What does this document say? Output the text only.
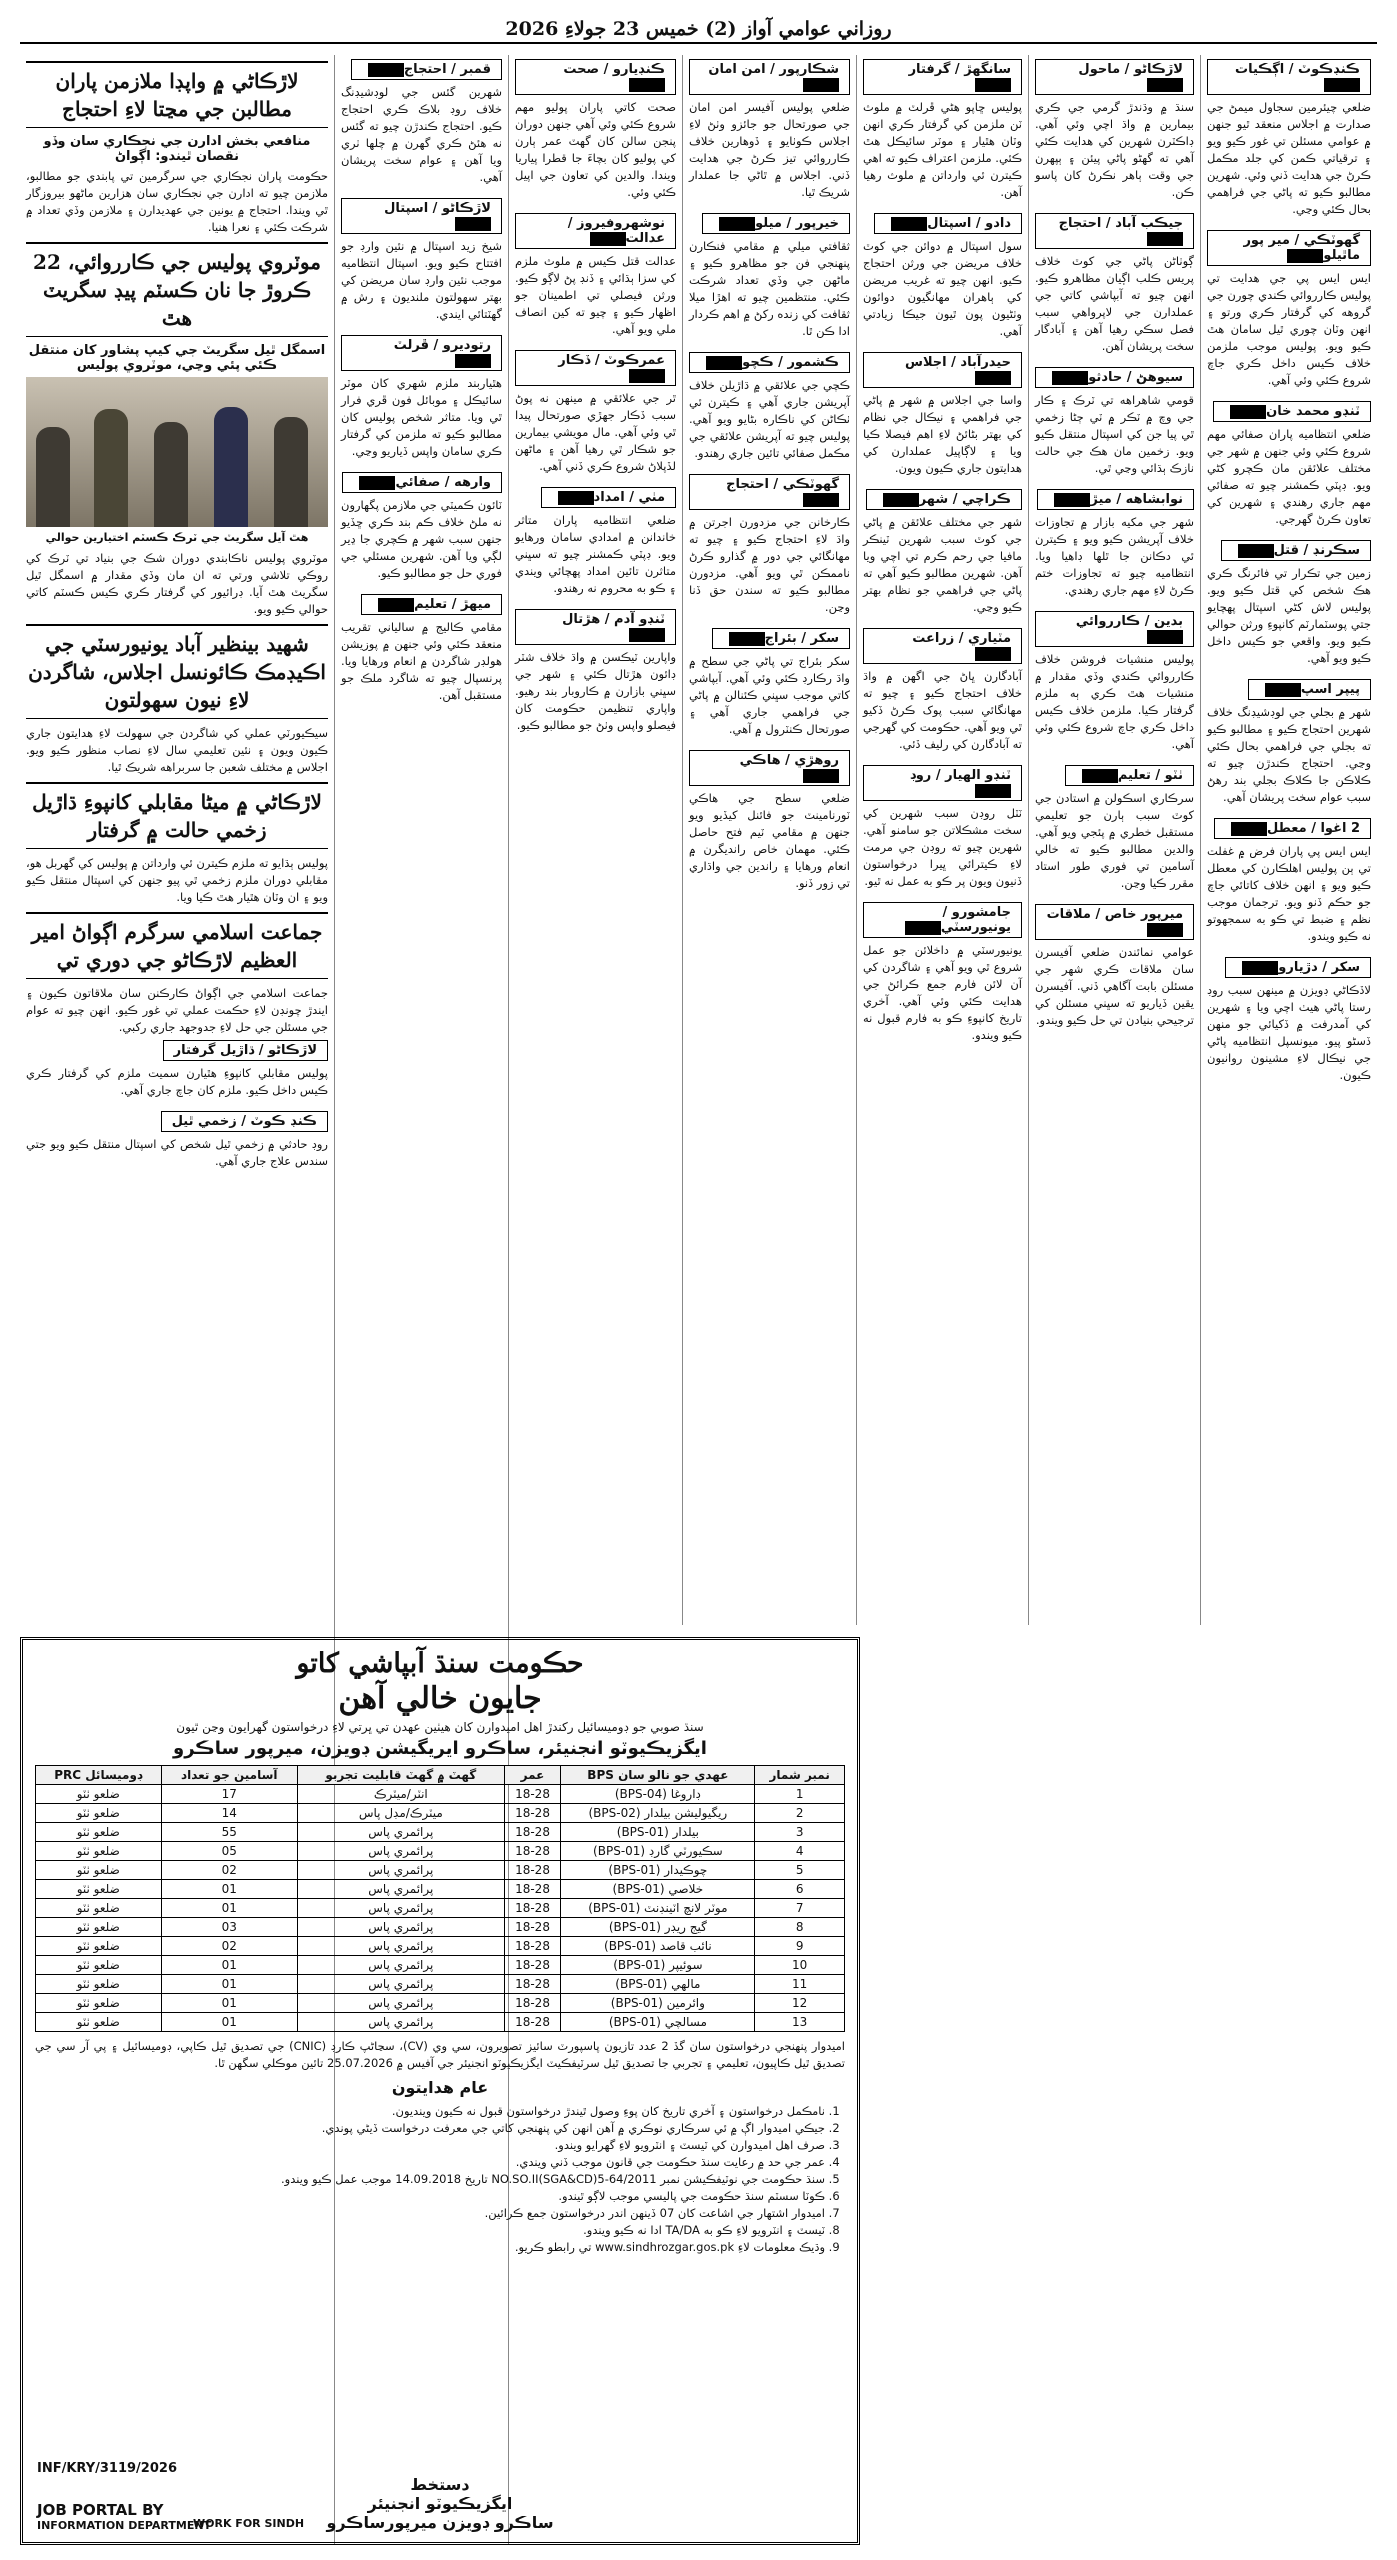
روزاني عوامي آواز (2) خميس 23 جولاءِ 2026
ڪنڊڪوٽ / اڳڪيات
ضلعي چيئرمين سجاول ميمڻ جي صدارت ۾ اجلاس منعقد ٿيو جنهن ۾ عوامي مسئلن تي غور ڪيو ويو ۽ ترقياتي ڪمن کي جلد مڪمل ڪرڻ جي هدايت ڏني وئي. شهرين مطالبو ڪيو ته پاڻي جي فراهمي بحال ڪئي وڃي.
گهوٽڪي / مير پور ماٿيلو
ايس ايس پي جي هدايت تي پوليس ڪارروائي ڪندي چورن جي گروهه کي گرفتار ڪري ورتو ۽ انهن وٽان چوري ٿيل سامان هٿ ڪيو ويو. پوليس موجب ملزمن خلاف ڪيس داخل ڪري جاچ شروع ڪئي وئي آهي.
ٽنڊو محمد خان
ضلعي انتظاميه پاران صفائي مهم شروع ڪئي وئي جنهن ۾ شهر جي مختلف علائقن مان ڪچرو کڻي ويو. ڊپٽي ڪمشنر چيو ته صفائي مهم جاري رهندي ۽ شهرين کي تعاون ڪرڻ گهرجي.
سڪرنڊ / قتل
زمين جي تڪرار تي فائرنگ ڪري هڪ شخص کي قتل ڪيو ويو. پوليس لاش کڻي اسپتال پهچايو جتي پوسٽمارٽم کانپوءِ ورثن حوالي ڪيو ويو. واقعي جو ڪيس داخل ڪيو ويو آهي.
پيپر اسپ
شهر ۾ بجلي جي لوڊشيڊنگ خلاف شهرين احتجاج ڪيو ۽ مطالبو ڪيو ته بجلي جي فراهمي بحال ڪئي وڃي. احتجاج ڪندڙن چيو ته ڪلاڪن جا ڪلاڪ بجلي بند رهڻ سبب عوام سخت پريشان آهي.
2 اغوا / معطل
ايس ايس پي پاران فرض ۾ غفلت تي ٻن پوليس اهلڪارن کي معطل ڪيو ويو ۽ انهن خلاف کاتائي جاچ جو حڪم ڏنو ويو. ترجمان موجب نظم ۽ ضبط تي ڪو به سمجهوتو نه ڪيو ويندو.
سکر / دڙيارو
لاڏڪاڻي ڊويزن ۾ مينهن سبب روڊ رستا پاڻي هيٺ اچي ويا ۽ شهرين کي آمدرفت ۾ ڏکيائي جو منهن ڏسڻو پيو. ميونسپل انتظاميه پاڻي جي نيڪال لاءِ مشينون روانيون ڪيون.
لاڙڪاڻو / ماحول
سنڌ ۾ وڌندڙ گرمي جي ڪري بيمارين ۾ واڌ اچي وئي آهي. ڊاڪٽرن شهرين کي هدايت ڪئي آهي ته گهڻو پاڻي پيئن ۽ ٻپهرن جي وقت ٻاهر نڪرڻ کان پاسو ڪن.
جيڪب آباد / احتجاج
ڳوٺاڻن پاڻي جي کوٽ خلاف پريس ڪلب اڳيان مظاهرو ڪيو. انهن چيو ته آبپاشي کاتي جي عملدارن جي لاپرواهي سبب فصل سڪي رهيا آهن ۽ آبادگار سخت پريشان آهن.
سيوهڻ / حادثو
قومي شاهراهه تي ٽرڪ ۽ ڪار جي وچ ۾ ٽڪر ۾ ٽي ڄڻا زخمي ٿي پيا جن کي اسپتال منتقل ڪيو ويو. زخمين مان هڪ جي حالت نازڪ ٻڌائي وڃي ٿي.
نوابشاهه / ميڙ
شهر جي مکيه بازار ۾ تجاوزات خلاف آپريشن ڪيو ويو ۽ ڪيترن ئي دڪانن جا ٿلها ڊاهيا ويا. انتظاميه چيو ته تجاوزات ختم ڪرڻ لاءِ مهم جاري رهندي.
بدين / ڪارروائي
پوليس منشيات فروشن خلاف ڪارروائي ڪندي وڏي مقدار ۾ منشيات هٿ ڪري ٻه ملزم گرفتار ڪيا. ملزمن خلاف ڪيس داخل ڪري جاچ شروع ڪئي وئي آهي.
ٺٽو / تعليم
سرڪاري اسڪولن ۾ استادن جي کوٽ سبب ٻارن جو تعليمي مستقبل خطري ۾ پئجي ويو آهي. والدين مطالبو ڪيو ته خالي آسامين تي فوري طور استاد مقرر ڪيا وڃن.
ميرپور خاص / ملاقات
عوامي نمائندن ضلعي آفيسرن سان ملاقات ڪري شهر جي مسئلن بابت آگاهي ڏني. آفيسرن يقين ڏياريو ته سڀني مسئلن کي ترجيحي بنيادن تي حل ڪيو ويندو.
سانگهڙ / گرفتار
پوليس ڇاپو هڻي ڦرلٽ ۾ ملوث ٽن ملزمن کي گرفتار ڪري انهن وٽان هٿيار ۽ موٽر سائيڪل هٿ ڪئي. ملزمن اعتراف ڪيو ته اهي ڪيترن ئي وارداتن ۾ ملوث رهيا آهن.
دادو / اسپتال
سول اسپتال ۾ دوائن جي کوٽ خلاف مريضن جي ورثن احتجاج ڪيو. انهن چيو ته غريب مريضن کي ٻاهران مهانگيون دوائون وٺڻيون پون ٿيون جيڪا زيادتي آهي.
حيدرآباد / اجلاس
واسا جي اجلاس ۾ شهر ۾ پاڻي جي فراهمي ۽ نيڪال جي نظام کي بهتر بڻائڻ لاءِ اهم فيصلا ڪيا ويا ۽ لاڳاپيل عملدارن کي هدايتون جاري ڪيون ويون.
ڪراچي / شهر
شهر جي مختلف علائقن ۾ پاڻي جي کوٽ سبب شهرين ٽينڪر مافيا جي رحم ڪرم تي اچي ويا آهن. شهرين مطالبو ڪيو آهي ته پاڻي جي فراهمي جو نظام بهتر ڪيو وڃي.
مٽياري / زراعت
آبادگارن ڀاڻ جي اگهن ۾ واڌ خلاف احتجاج ڪيو ۽ چيو ته مهانگائي سبب پوک ڪرڻ ڏکيو ٿي ويو آهي. حڪومت کي گهرجي ته آبادگارن کي رليف ڏئي.
ٽنڊو الهيار / روڊ
ٽٽل روڊن سبب شهرين کي سخت مشڪلاتن جو سامنو آهي. شهرين چيو ته روڊن جي مرمت لاءِ ڪيترائي ڀيرا درخواستون ڏنيون ويون پر ڪو به عمل نه ٿيو.
جامشورو / يونيورسٽي
يونيورسٽي ۾ داخلائن جو عمل شروع ٿي ويو آهي ۽ شاگردن کي آن لائن فارم جمع ڪرائڻ جي هدايت ڪئي وئي آهي. آخري تاريخ کانپوءِ ڪو به فارم قبول نه ڪيو ويندو.
شڪارپور / امن امان
ضلعي پوليس آفيسر امن امان جي صورتحال جو جائزو وٺڻ لاءِ اجلاس ڪوٺايو ۽ ڏوهارين خلاف ڪارروائي تيز ڪرڻ جي هدايت ڏني. اجلاس ۾ ٿاڻي جا عملدار شريڪ ٿيا.
خيرپور / ميلو
ثقافتي ميلي ۾ مقامي فنڪارن پنهنجي فن جو مظاهرو ڪيو ۽ ماڻهن جي وڏي تعداد شرڪت ڪئي. منتظمين چيو ته اهڙا ميلا ثقافت کي زنده رکڻ ۾ اهم ڪردار ادا ڪن ٿا.
ڪشمور / ڪچو
ڪچي جي علائقي ۾ ڌاڙيلن خلاف آپريشن جاري آهي ۽ ڪيترن ئي ٺڪاڻن کي ناڪاره بڻايو ويو آهي. پوليس چيو ته آپريشن علائقي جي مڪمل صفائي تائين جاري رهندو.
گهوٽڪي / احتجاج
ڪارخانن جي مزدورن اجرتن ۾ واڌ لاءِ احتجاج ڪيو ۽ چيو ته مهانگائي جي دور ۾ گذارو ڪرڻ ناممڪن ٿي ويو آهي. مزدورن مطالبو ڪيو ته سندن حق ڏنا وڃن.
سکر / بئراج
سکر بئراج تي پاڻي جي سطح ۾ واڌ رڪارڊ ڪئي وئي آهي. آبپاشي کاتي موجب سڀني ڪئنالن ۾ پاڻي جي فراهمي جاري آهي ۽ صورتحال ڪنٽرول ۾ آهي.
روهڙي / هاڪي
ضلعي سطح جي هاڪي ٽورنامينٽ جو فائنل کيڏيو ويو جنهن ۾ مقامي ٽيم فتح حاصل ڪئي. مهمان خاص رانديگرن ۾ انعام ورهايا ۽ راندين جي واڌاري تي زور ڏنو.
ڪنڊيارو / صحت
صحت کاتي پاران پوليو مهم شروع ڪئي وئي آهي جنهن دوران پنجن سالن کان گهٽ عمر ٻارن کي پوليو کان بچاءَ جا قطرا پياريا ويندا. والدين کي تعاون جي اپيل ڪئي وئي.
نوشهروفيروز / عدالت
عدالت قتل ڪيس ۾ ملوث ملزم کي سزا ٻڌائي ۽ ڏنڊ پڻ لاڳو ڪيو. ورثن فيصلي تي اطمينان جو اظهار ڪيو ۽ چيو ته کين انصاف ملي ويو آهي.
عمرڪوٽ / ڏڪار
ٿر جي علائقي ۾ مينهن نه پوڻ سبب ڏڪار جهڙي صورتحال پيدا ٿي وئي آهي. مال مويشي بيمارين جو شڪار ٿي رهيا آهن ۽ ماڻهن لڏپلاڻ شروع ڪري ڏني آهي.
مٺي / امداد
ضلعي انتظاميه پاران متاثر خاندانن ۾ امدادي سامان ورهايو ويو. ڊپٽي ڪمشنر چيو ته سڀني متاثرن تائين امداد پهچائي ويندي ۽ ڪو به محروم نه رهندو.
ٽنڊو آدم / هڙتال
واپارين ٽيڪسن ۾ واڌ خلاف شٽر ڊائون هڙتال ڪئي ۽ شهر جي سڀني بازارن ۾ ڪاروبار بند رهيو. واپاري تنظيمن حڪومت کان فيصلو واپس وٺڻ جو مطالبو ڪيو.
قمبر / احتجاج
شهرين گئس جي لوڊشيڊنگ خلاف روڊ بلاڪ ڪري احتجاج ڪيو. احتجاج ڪندڙن چيو ته گئس نه هئڻ ڪري گهرن ۾ چلها ٺري ويا آهن ۽ عوام سخت پريشان آهي.
لاڙڪاڻو / اسپتال
شيخ زيد اسپتال ۾ نئين وارڊ جو افتتاح ڪيو ويو. اسپتال انتظاميه موجب نئين وارڊ سان مريضن کي بهتر سهولتون ملنديون ۽ رش ۾ گهٽتائي ايندي.
رتوديرو / ڦرلٽ
هٿياربند ملزم شهري کان موٽر سائيڪل ۽ موبائل فون ڦري فرار ٿي ويا. متاثر شخص پوليس کان مطالبو ڪيو ته ملزمن کي گرفتار ڪري سامان واپس ڏياريو وڃي.
وارهه / صفائي
ٽائون ڪميٽي جي ملازمن پگهارون نه ملڻ خلاف ڪم بند ڪري ڇڏيو جنهن سبب شهر ۾ ڪچري جا ڍير لڳي ويا آهن. شهرين مسئلي جي فوري حل جو مطالبو ڪيو.
ميهڙ / تعليم
مقامي ڪاليج ۾ سالياني تقريب منعقد ڪئي وئي جنهن ۾ پوزيشن هولڊر شاگردن ۾ انعام ورهايا ويا. پرنسپال چيو ته شاگرد ملڪ جو مستقبل آهن.
لاڙڪاڻي ۾ واپڊا ملازمن پاران مطالبن جي مڃتا لاءِ احتجاج
منافعي بخش ادارن جي نجڪاري سان وڏو نقصان ٿيندو: اڳواڻ
حڪومت پاران نجڪاري جي سرگرمين تي پابندي جو مطالبو، ملازمن چيو ته ادارن جي نجڪاري سان هزارين ماڻهو بيروزگار ٿي ويندا. احتجاج ۾ يونين جي عهديدارن ۽ ملازمن وڏي تعداد ۾ شرڪت ڪئي ۽ نعرا هنيا.
موٽروي پوليس جي ڪارروائي، 22 ڪروڙ جا نان ڪسٽم پيڊ سگريٽ هٿ
اسمگل ٿيل سگريٽ جي کيپ پشاور کان منتقل ڪئي پئي وڃي، موٽروي پوليس
هٿ آيل سگريٽ جي ٽرڪ ڪسٽم اختيارين حوالي
موٽروي پوليس ناڪابندي دوران شڪ جي بنياد تي ٽرڪ کي روڪي تلاشي ورتي ته ان مان وڏي مقدار ۾ اسمگل ٿيل سگريٽ هٿ آيا. ڊرائيور کي گرفتار ڪري ڪيس ڪسٽم کاتي حوالي ڪيو ويو.
شهيد بينظير آباد يونيورسٽي جي اڪيڊمڪ ڪائونسل اجلاس، شاگردن لاءِ نيون سهولتون
سيڪيورٽي عملي کي شاگردن جي سهولت لاءِ هدايتون جاري ڪيون ويون ۽ نئين تعليمي سال لاءِ نصاب منظور ڪيو ويو. اجلاس ۾ مختلف شعبن جا سربراهه شريڪ ٿيا.
لاڙڪاڻي ۾ ميڻا مقابلي کانپوءِ ڌاڙيل زخمي حالت ۾ گرفتار
پوليس ٻڌايو ته ملزم ڪيترن ئي وارداتن ۾ پوليس کي گهربل هو، مقابلي دوران ملزم زخمي ٿي پيو جنهن کي اسپتال منتقل ڪيو ويو ۽ ان وٽان هٿيار هٿ ڪيا ويا.
جماعت اسلامي سرگرم اڳواڻ امير العظيم لاڙڪاڻو جي دوري تي
جماعت اسلامي جي اڳواڻ ڪارڪنن سان ملاقاتون ڪيون ۽ ايندڙ چونڊن لاءِ حڪمت عملي تي غور ڪيو. انهن چيو ته عوام جي مسئلن جي حل لاءِ جدوجهد جاري رکبي.
لاڙڪاڻو / ڌاڙيل گرفتار
پوليس مقابلي کانپوءِ هٿيارن سميت ملزم کي گرفتار ڪري ڪيس داخل ڪيو. ملزم کان جاچ جاري آهي.
ڪنڊ ڪوٽ / زخمي ٿيل
روڊ حادثي ۾ زخمي ٿيل شخص کي اسپتال منتقل ڪيو ويو جتي سندس علاج جاري آهي.
حڪومت سنڌ آبپاشي کاتو
جايون خالي آهن
سنڌ صوبي جو ڊوميسائيل رکندڙ اهل اميدوارن کان هيٺين عهدن تي ڀرتي لاءِ درخواستون گهرايون وڃن ٿيون
ايگزيڪيوٽو انجنيئر، ساڪرو ايريگيشن ڊويزن، ميرپور ساڪرو
نمبر شمار	عهدي جو نالو سان BPS	عمر	گهٽ ۾ گهٽ قابليت تجربو	آسامين جو تعداد	ڊوميسائل PRC
1	ڊارو‌غا (BPS-04)	18-28	انٽر/ميٽرڪ	17	ضلعو ٺٽو
2	ريگيوليشن بيلدار (BPS-02)	18-28	ميٽرڪ/مڊل پاس	14	ضلعو ٺٽو
3	بيلدار (BPS-01)	18-28	پرائمري پاس	55	ضلعو ٺٽو
4	سڪيورٽي گارڊ (BPS-01)	18-28	پرائمري پاس	05	ضلعو ٺٽو
5	چوڪيدار (BPS-01)	18-28	پرائمري پاس	02	ضلعو ٺٽو
6	خلاصي (BPS-01)	18-28	پرائمري پاس	01	ضلعو ٺٽو
7	موٽر لانچ اٽينڊنٽ (BPS-01)	18-28	پرائمري پاس	01	ضلعو ٺٽو
8	گيج ريڊر (BPS-01)	18-28	پرائمري پاس	03	ضلعو ٺٽو
9	نائب قاصد (BPS-01)	18-28	پرائمري پاس	02	ضلعو ٺٽو
10	سوئيپر (BPS-01)	18-28	پرائمري پاس	01	ضلعو ٺٽو
11	مالهي (BPS-01)	18-28	پرائمري پاس	01	ضلعو ٺٽو
12	وائرمين (BPS-01)	18-28	پرائمري پاس	01	ضلعو ٺٽو
13	مسالچي (BPS-01)	18-28	پرائمري پاس	01	ضلعو ٺٽو
اميدوار پنهنجي درخواستون سان گڏ 2 عدد تازيون پاسپورٽ سائيز تصويرون، سي وي (CV)، سڃاڻپ ڪارڊ (CNIC) جي تصديق ٿيل ڪاپي، ڊوميسائيل ۽ پي آر سي جي تصديق ٿيل ڪاپيون، تعليمي ۽ تجربي جا تصديق ٿيل سرٽيفڪيٽ ايگزيڪيوٽو انجنيئر جي آفيس ۾ 25.07.2026 تائين موڪلي سگهن ٿا.
عام هدايتون
1. نامڪمل درخواستون ۽ آخري تاريخ کان پوءِ وصول ٿيندڙ درخواستون قبول نه ڪيون وينديون.
2. جيڪي اميدوار اڳ ۾ ئي سرڪاري نوڪري ۾ آهن انهن کي پنهنجي کاتي جي معرفت درخواست ڏيڻي پوندي.
3. صرف اهل اميدوارن کي ٽيسٽ ۽ انٽرويو لاءِ گهرايو ويندو.
4. عمر جي حد ۾ رعايت سنڌ حڪومت جي قانون موجب ڏني ويندي.
5. سنڌ حڪومت جي نوٽيفڪيشن نمبر NO.SO.II(SGA&CD)5-64/2011 تاريخ 14.09.2018 موجب عمل ڪيو ويندو.
6. ڪوٽا سسٽم سنڌ حڪومت جي پاليسي موجب لاڳو ٿيندو.
7. اميدوار اشتهار جي اشاعت کان 07 ڏينهن اندر درخواستون جمع ڪرائين.
8. ٽيسٽ ۽ انٽرويو لاءِ ڪو به TA/DA ادا نه ڪيو ويندو.
9. وڌيڪ معلومات لاءِ www.sindhrozgar.gos.pk تي رابطو ڪريو.
INF/KRY/3119/2026
دستخط
ايگزيڪيوٽو انجنيئر
ساڪرو ڊويزن ميرپورساڪرو
WORK FOR SINDH
JOB PORTAL BY
INFORMATION DEPARTMENT
